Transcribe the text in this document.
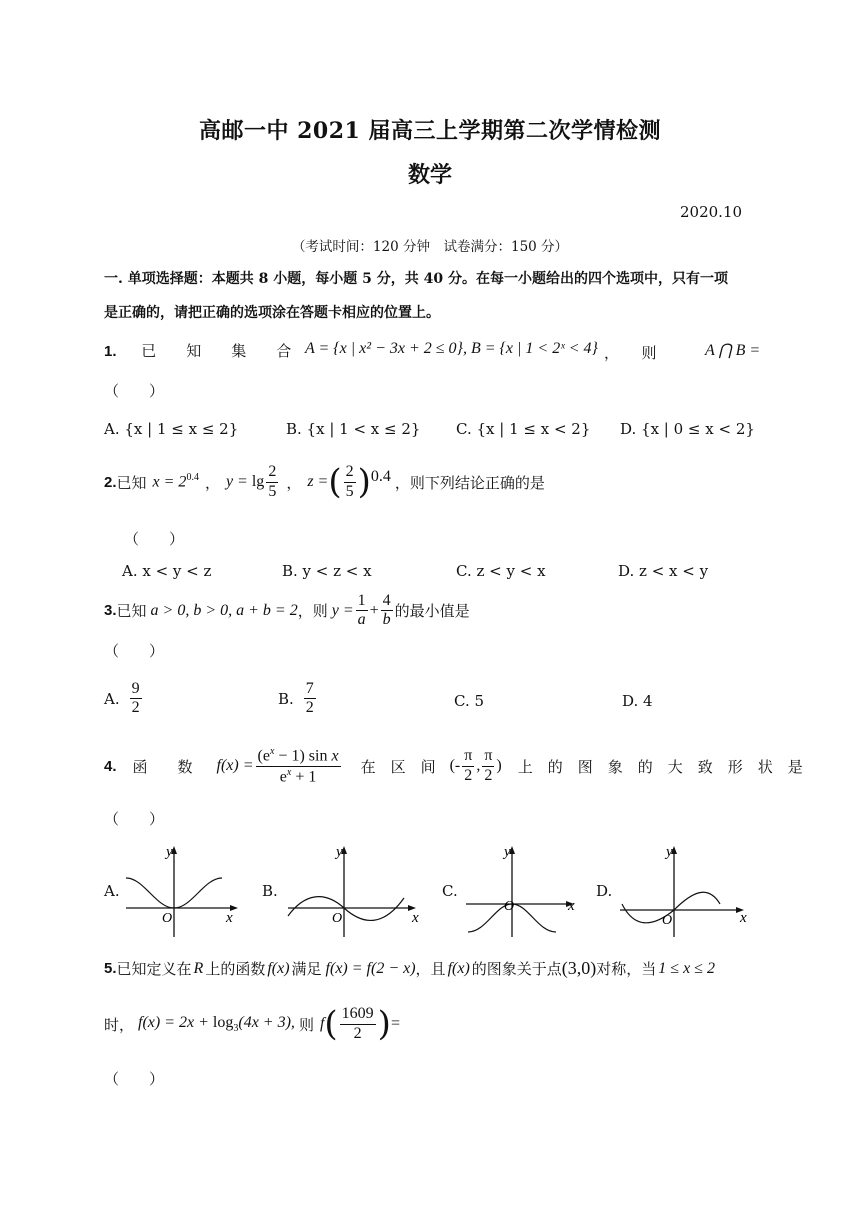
高邮一中 2021 届高三上学期第二次学情检测
数学
2020.10
（考试时间：120 分钟　试卷满分：150 分）
一. 单项选择题：本题共 8 小题，每小题 5 分，共 40 分。在每一小题给出的四个选项中，只有一项
是正确的，请把正确的选项涂在答题卡相应的位置上。
1. 已　　知　　集　　合 A = {x | x² − 3x + 2 ≤ 0}, B = {x | 1 < 2ˣ < 4} ，　　则	A ⋂ B =
（　　）
A. {x | 1 ≤ x ≤ 2}	B. {x | 1 < x ≤ 2} C. {x | 1 ≤ x < 2} D. {x | 0 ≤ x < 2}
2. 已知 $x = 2^{0.4}$ ， $y = \lg \frac{2}{5}$ ， z = ( $\frac{2}{5}$ ) 0.4 ，则下列结论正确的是
（　　）
A. x < y < z	B. y < z < x	C. z < y < x	D. z < x < y
3. 已知 a > 0, b > 0, a + b = 2 ，则 $y = \frac{1}{a} + \frac{4}{b}$ 的最小值是
（　　）
A. $\frac{9}{2}$	B. $\frac{7}{2}$	C. 5	D. 4
4. 函　　数 $f(x) = \frac{(e^x - 1) \sin x}{e^x + 1}$ 在　区　间 (- $\frac{\pi}{2}$ , $\frac{\pi}{2}$ ) 上　的　图　象　的　大　致　形　状　是
（　　）
A.
y
x
O
B.
y
x
O
C.
y
x
O
D.
y
x
O
5. 已知定义在 R 上的函数 f(x) 满足 f(x) = f(2 − x) ，且 f(x) 的图象关于点 (3,0) 对称，当 1 ≤ x ≤ 2
时， $f(x) = 2x + \log_3(4x + 3)$, 则 f ( $\frac{1609}{2}$ ) =
（　　）
